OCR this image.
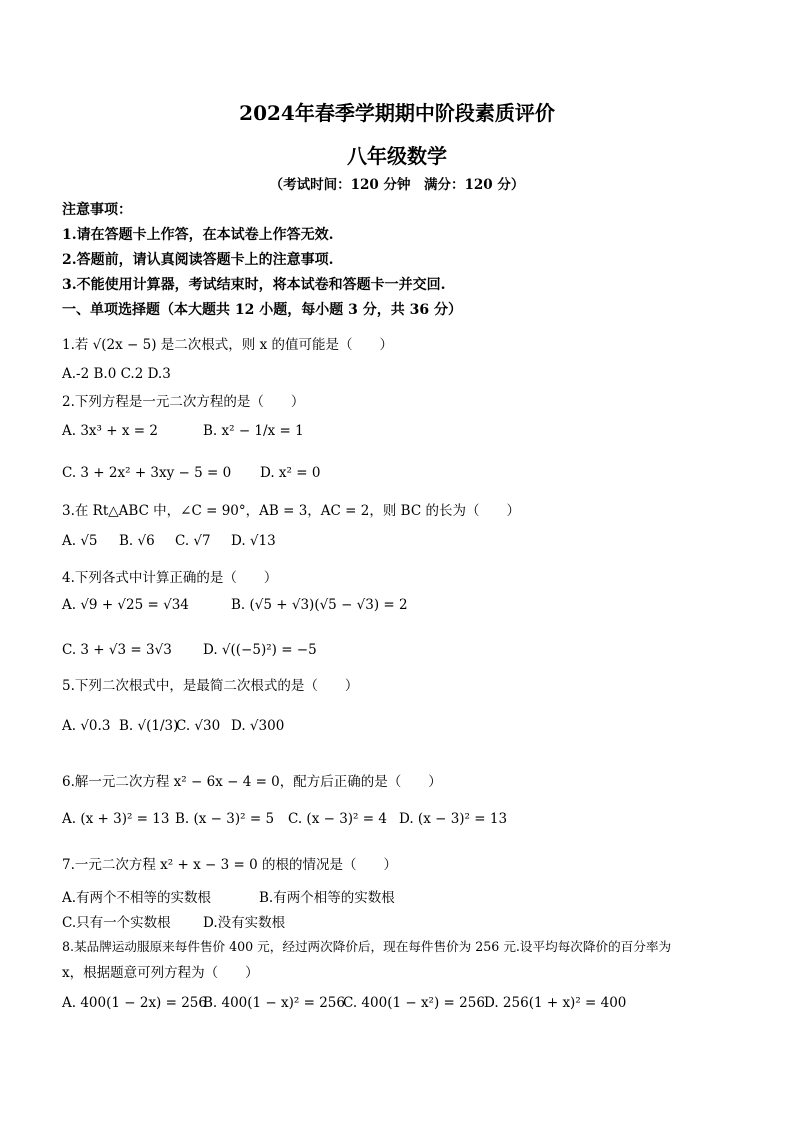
2024年春季学期期中阶段素质评价
八年级数学
（考试时间：120 分钟　满分：120 分）
注意事项：
1.请在答题卡上作答，在本试卷上作答无效.
2.答题前，请认真阅读答题卡上的注意事项.
3.不能使用计算器，考试结束时，将本试卷和答题卡一并交回.
一、单项选择题（本大题共 12 小题，每小题 3 分，共 36 分）
1.若 √(2x − 5) 是二次根式，则 x 的值可能是（　　）
A.-2 B.0 C.2 D.3
2.下列方程是一元二次方程的是（　　）
A. 3x³ + x = 2	B. x² − 1/x = 1
C. 3 + 2x² + 3xy − 5 = 0 D. x² = 0
3.在 Rt△ABC 中，∠C = 90°，AB = 3，AC = 2，则 BC 的长为（　　）
A. √5 B. √6 C. √7 D. √13
4.下列各式中计算正确的是（　　）
A. √9 + √25 = √34	B. (√5 + √3)(√5 − √3) = 2
C. 3 + √3 = 3√3 D. √((−5)²) = −5
5.下列二次根式中，是最简二次根式的是（　　）
A. √0.3 B. √(1/3)
C. √30 D. √300
6.解一元二次方程 x² − 6x − 4 = 0，配方后正确的是（　　）
A. (x + 3)² = 13 B. (x − 3)² = 5 C. (x − 3)² = 4 D. (x − 3)² = 13
7.一元二次方程 x² + x − 3 = 0 的根的情况是（　　）
A.有两个不相等的实数根	B.有两个相等的实数根
C.只有一个实数根 D.没有实数根
8.某品牌运动服原来每件售价 400 元，经过两次降价后，现在每件售价为 256 元.设平均每次降价的百分率为
x，根据题意可列方程为（　　）
A. 400(1 − 2x) = 256
B. 400(1 − x)² = 256
C. 400(1 − x²) = 256 D. 256(1 + x)² = 400
